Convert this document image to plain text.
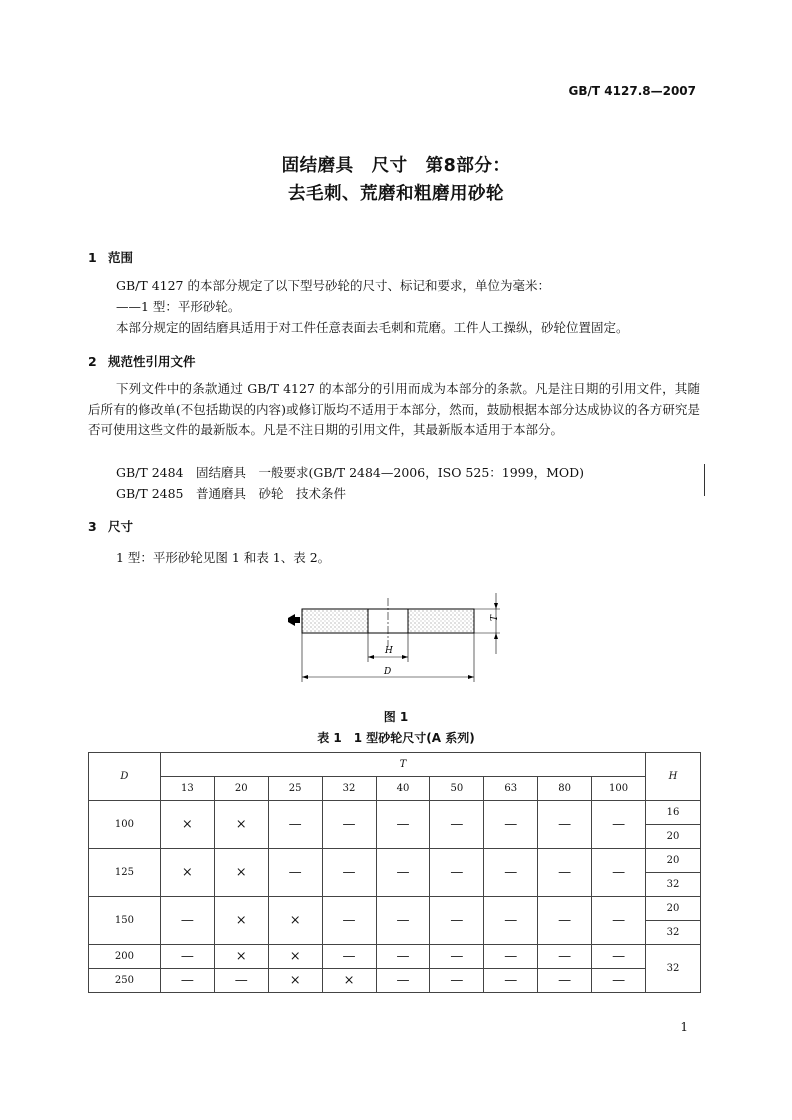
GB/T 4127.8—2007
固结磨具　尺寸　第8部分：
去毛刺、荒磨和粗磨用砂轮
1 范围
GB/T 4127 的本部分规定了以下型号砂轮的尺寸、标记和要求，单位为毫米：
——1 型：平形砂轮。
本部分规定的固结磨具适用于对工件任意表面去毛刺和荒磨。工件人工操纵，砂轮位置固定。
2 规范性引用文件
下列文件中的条款通过 GB/T 4127 的本部分的引用而成为本部分的条款。凡是注日期的引用文件，其随后所有的修改单(不包括勘误的内容)或修订版均不适用于本部分，然而，鼓励根据本部分达成协议的各方研究是否可使用这些文件的最新版本。凡是不注日期的引用文件，其最新版本适用于本部分。
GB/T 2484　固结磨具　一般要求(GB/T 2484—2006，ISO 525：1999，MOD)
GB/T 2485　普通磨具　砂轮　技术条件
3 尺寸
1 型：平形砂轮见图 1 和表 1、表 2。
T
H
D
图 1
表 1　1 型砂轮尺寸(A 系列)
D	T									H
	13	20	25	32	40	50	63	80	100	
100	×	×	—	—	—	—	—	—	—	16
										20
125	×	×	—	—	—	—	—	—	—	20
										32
150	—	×	×	—	—	—	—	—	—	20
										32
200	—	×	×	—	—	—	—	—	—	32
250	—	—	×	×	—	—	—	—	—	
1
